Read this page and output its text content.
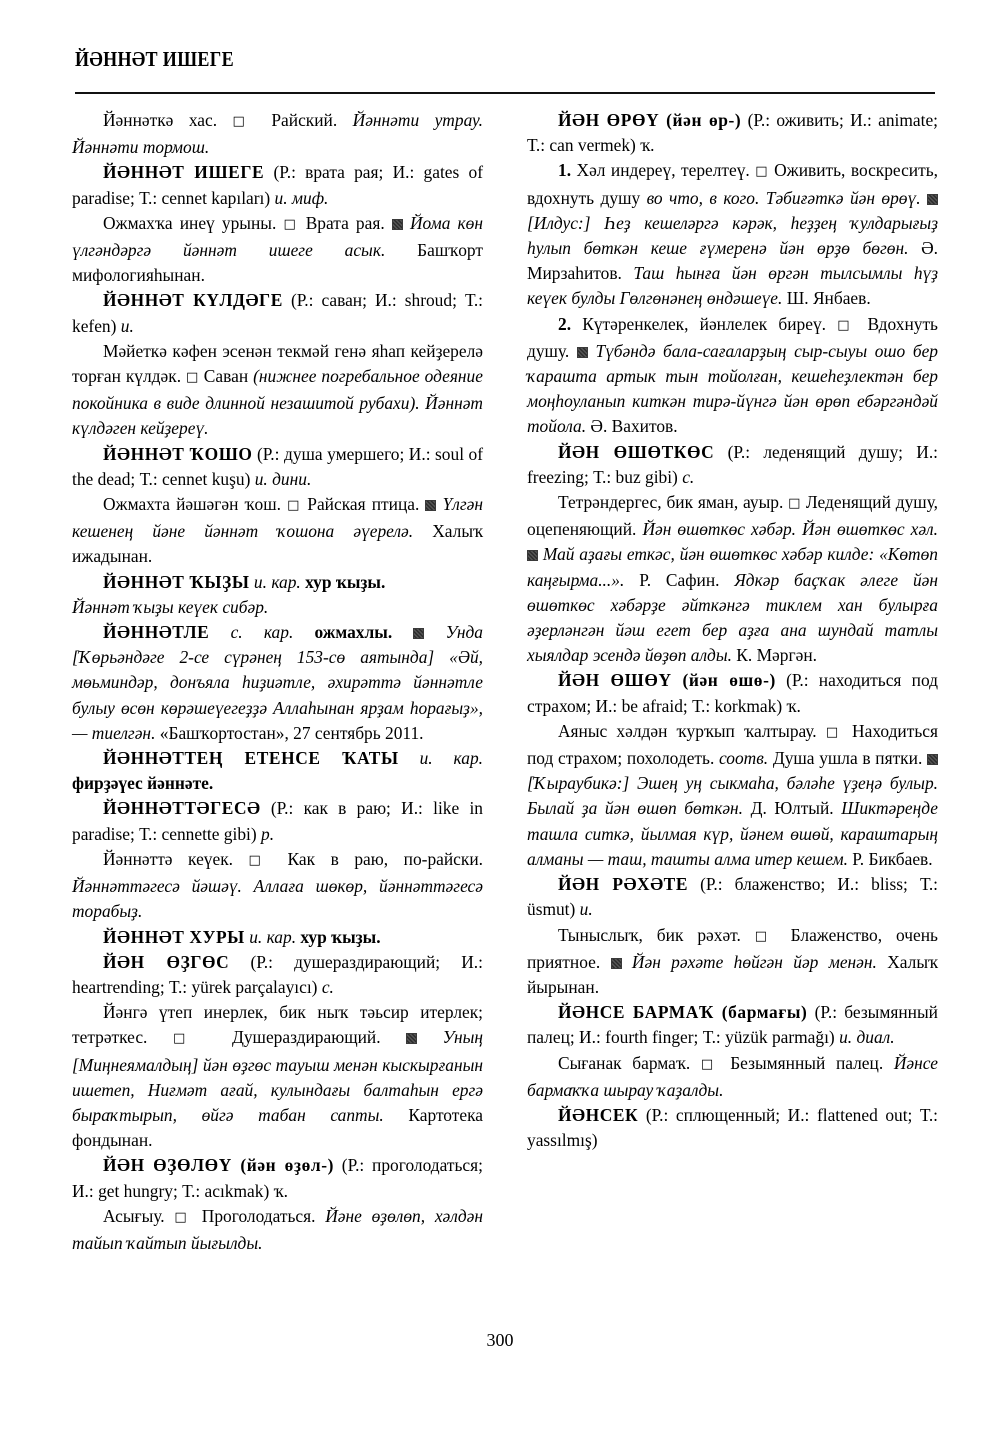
ЙӘННӘТ ИШЕГЕ

Йәннәткә хас. □ Райский. Йәннәти утрау. Йәннәти тормош.

ЙӘННӘТ ИШЕГЕ (Р.: врата рая; И.: gates of paradise; Т.: cennet kapıları) и. миф.

Ожмахҡа инеү урыны. □ Врата рая.  Йома көн үлгәндәргә йәннәт ишеге асык. Башҡорт мифологияһынан.

ЙӘННӘТ КҮЛДӘГЕ (Р.: саван; И.: shroud; Т.: kefen) и.

Мәйеткә кәфен эсенән текмәй генә яһап кейҙерелә торған күлдәк. □ Саван (нижнее погребальное одеяние покойника в виде длинной незашитой рубахи). Йәннәт күлдәген кейҙереү.

ЙӘННӘТ ҠОШО (Р.: душа умершего; И.: soul of the dead; Т.: cennet kuşu) и. дини.

Ожмахта йәшәгән ҡош. □ Райская птица.  Үлгән кешенең йәне йәннәт ҡошона әүерелә. Халыҡ ижадынан.

ЙӘННӘТ ҠЫҘЫ и. кар. хур ҡыҙы.

Йәннәт ҡыҙы кеүек сибәр.

ЙӘННӘТЛЕ с. кар. ожмахлы.	Унда [Ҡөрьәндәге 2-се сүрәнең 153-сө аятында] «Әй, мөьминдәр, донъяла һиҙиәтле, әхирәттә йәннәтле булыу өсөн көрәшеүегеҙҙә Аллаһынан ярҙам һорағыҙ», — тиелгән. «Башҡортостан», 27 сентябрь 2011.

ЙӘННӘТТЕҢ ЕТЕНСЕ ҠАТЫ и. кар. фирҙәүес йәннәте.

ЙӘННӘТТӘГЕСӘ (Р.: как в раю; И.: like in paradise; Т.: cennette gibi) р.

Йәннәттә кеүек. □ Как в раю, по-райски. Йәннәттәгесә йәшәү. Аллаға шөкөр, йәннәттәгесә торабыҙ.

ЙӘННӘТ ХУРЫ и. кар. хур ҡыҙы.

ЙӘН ӨҘГӨС (Р.: душераздирающий; И.: heartrending; Т.: yürek parçalayıcı) с.

Йәнгә үтеп инерлек, бик ныҡ тәьсир итерлек; тетрәткес. □ Душераздирающий.  Уның [Миңнеямалдың] йән өҙгөс тауыш менән кыскырғанын ишетеп, Ниғмәт ағай, кулындағы балтаһын ергә быраҡтырып, өйгә табан сапты. Картотека фондынан.

ЙӘН ӨҘӨЛӨҮ (йән өҙөл-) (Р.: проголодаться; И.: get hungry; Т.: acıkmak) ҡ.

Асығыу. □ Проголодаться. Йәне өҙөлөп, хәлдән тайып ҡайтып йығылды.

ЙӘН ӨРӨҮ (йән өр-) (Р.: оживить; И.: animate; Т.: can vermek) ҡ.

1. Хәл индереү, терелтеү. □ Оживить, воскресить, вдохнуть душу во что, в кого. Тәбиғәткә йән өрөү.  [Илдус:] Һеҙ кешеләргә кәрәк, һеҙҙең ҡулдарығыҙ һулып бөткән кеше ғүмеренә йән өрҙө бөгөн. Ә. Мирзаһитов. Таш һынға йән өргән тылсымлы һүҙ кеүек булды Гөлгөнәнең өндәшеүе. Ш. Янбаев.

2. Күтәренкелек, йәнлелек биреү. □ Вдохнуть душу.  Түбәндә бала-сағаларҙың сыр-сыуы ошо бер ҡарашта артык тын тойолған, кешеһеҙлектән бер моңһоуланып киткән тирә-йүнгә йән өрөп ебәргәндәй тойола. Ә. Вахитов.

ЙӘН ӨШӨТКӨС (Р.: леденящий душу; И.: freezing; Т.: buz gibi) с.

Тетрәндергес, бик яман, ауыр. □ Леденящий душу, оцепеняющий. Йән өшөткөс хәбәр. Йән өшөткөс хәл.  Май аҙағы еткәс, йән өшөткөс хәбәр килде: «Көтөп каңғырма...». Р. Сафин. Ядкәр баҫҡак әлеге йән өшөткөс хәбәрҙе әйткәнгә тиклем хан булырға әҙерләнгән йәш егет бер аҙға ана шундай татлы хыялдар эсендә йөҙөп алды. К. Мәргән.

ЙӘН ӨШӨҮ (йән өшө-) (Р.: находиться под страхом; И.: be afraid; Т.: korkmak) ҡ.

Аяныс хәлдән ҡурҡып ҡалтырау. □ Находиться под страхом; похолодеть. соотв. Душа ушла в пятки.  [Ҡыраубикә:] Эшең уң сыкмаһа, бәләһе үҙеңә булыр. Былай ҙа йән өшөп бөткән. Д. Юлтый. Шиктәреңде ташла ситкә, йылмая күр, йәнем өшөй, караштарың алманы — таш, ташты алма итер кешем. Р. Бикбаев.

ЙӘН РӘХӘТЕ (Р.: блаженство; И.: bliss; Т.: üsmut) и.

Тыныслыҡ, бик рәхәт. □ Блаженство, очень приятное.  Йән рәхәте һөйгән йәр менән. Халыҡ йырынан.

ЙӘНСЕ БАРМАҠ (бармағы) (Р.: безымянный палец; И.: fourth finger; Т.: yüzük parmağı) и. диал.

Сығанак бармаҡ. □ Безымянный палец. Йәнсе бармаҡҡа шырау ҡаҙалды.

ЙӘНСЕК (Р.: сплющенный; И.: flattened out; Т.: yassılmış)

300
